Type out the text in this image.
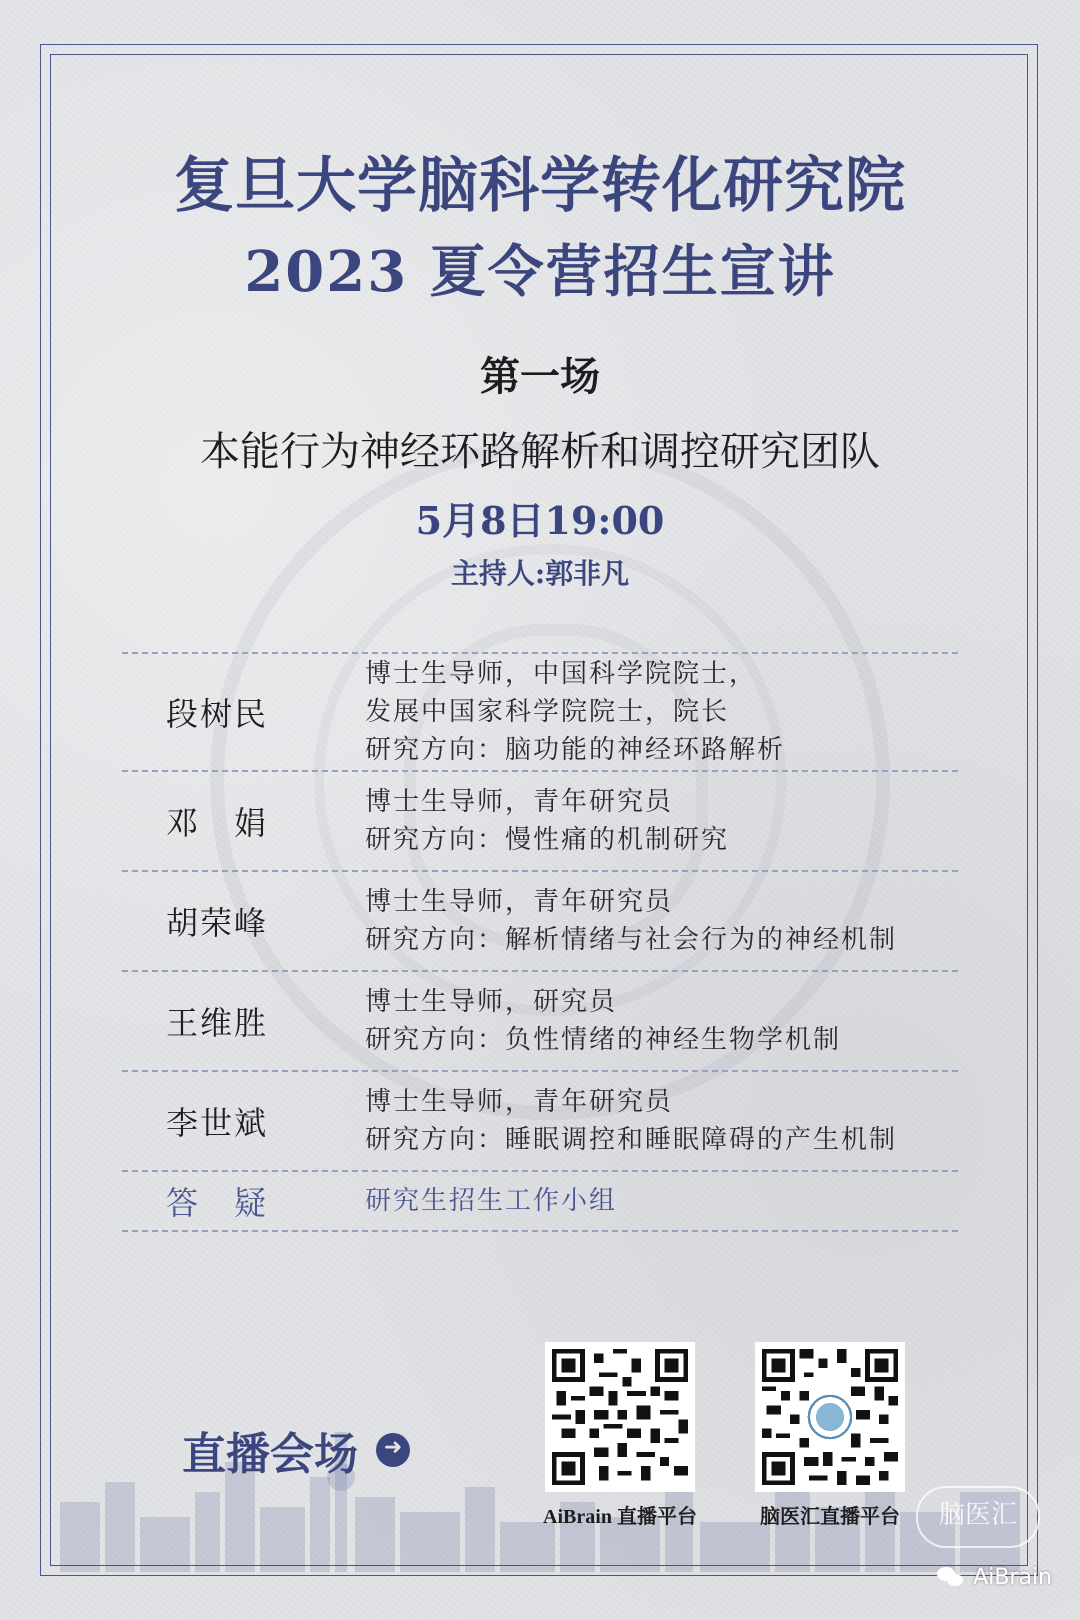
复旦大学脑科学转化研究院
2023 夏令营招生宣讲
第一场
本能行为神经环路解析和调控研究团队
5月8日19:00
主持人:郭非凡
段树民
博士生导师，中国科学院院士，
发展中国家科学院院士，院长
研究方向：脑功能的神经环路解析
邓　娟
博士生导师，青年研究员
研究方向：慢性痛的机制研究
胡荣峰
博士生导师，青年研究员
研究方向：解析情绪与社会行为的神经机制
王维胜
博士生导师，研究员
研究方向：负性情绪的神经生物学机制
李世斌
博士生导师，青年研究员
研究方向：睡眠调控和睡眠障碍的产生机制
答　疑	研究生招生工作小组
直播会场
➜
AiBrain 直播平台	脑医汇直播平台	脑医汇
AiBrain
